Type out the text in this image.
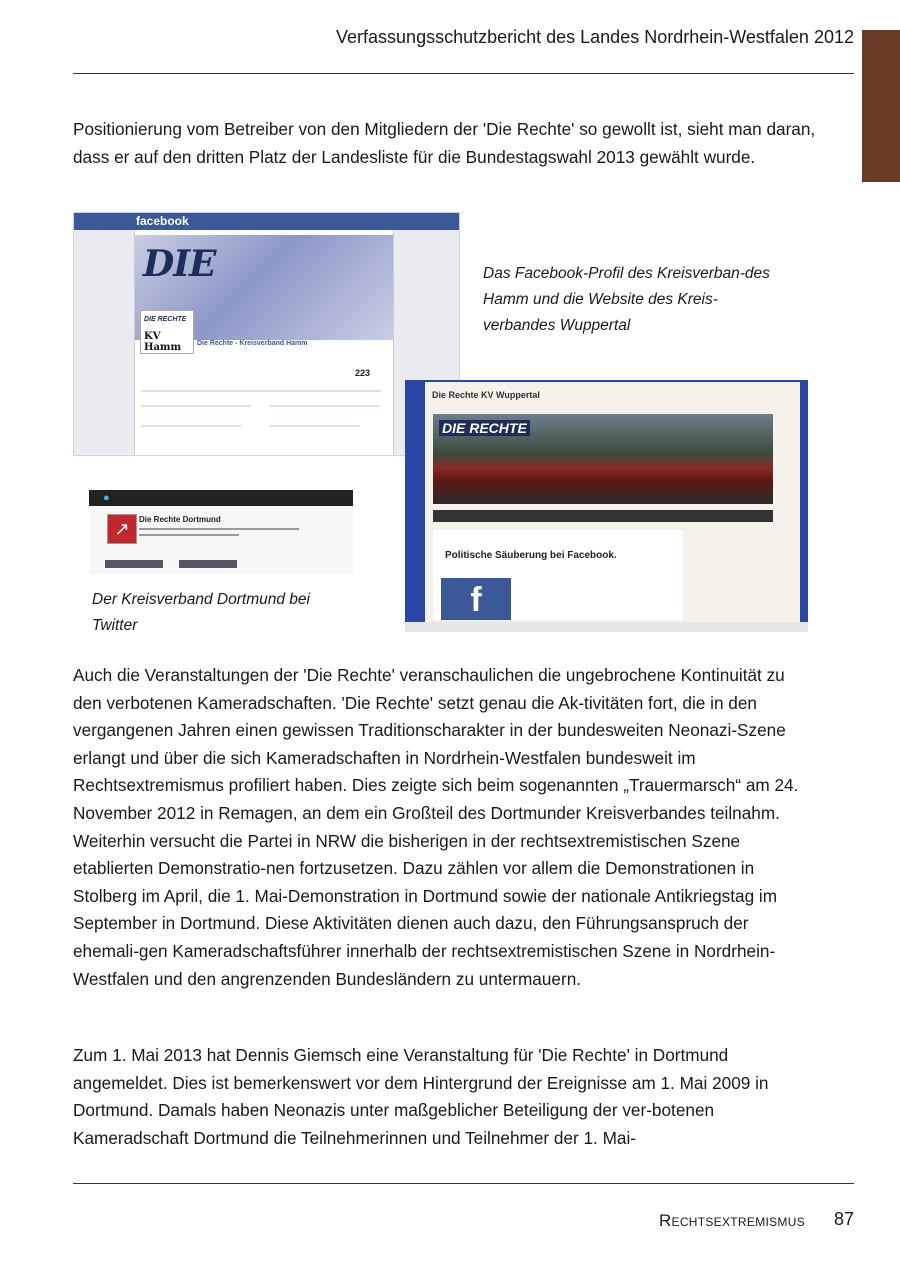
Verfassungsschutzbericht des Landes Nordrhein-Westfalen 2012

Positionierung vom Betreiber von den Mitgliedern der 'Die Rechte' so gewollt ist, sieht man daran, dass er auf den dritten Platz der Landesliste für die Bundestagswahl 2013 gewählt wurde.

facebook
DIE
DIE RECHTE
KV Hamm	Die Rechte - Kreisverband Hamm
223

Das Facebook-Profil des Kreisverban-des Hamm und die Website des Kreis-verbandes Wuppertal

Die Rechte KV Wuppertal
DIE RECHTE
Politische Säuberung bei Facebook.
f
●
↗	Die Rechte Dortmund

Der Kreisverband Dortmund bei Twitter

Auch die Veranstaltungen der 'Die Rechte' veranschaulichen die ungebrochene Kontinuität zu den verbotenen Kameradschaften. 'Die Rechte' setzt genau die Ak-tivitäten fort, die in den vergangenen Jahren einen gewissen Traditionscharakter in der bundesweiten Neonazi-Szene erlangt und über die sich Kameradschaften in Nordrhein-Westfalen bundesweit im Rechtsextremismus profiliert haben. Dies zeigte sich beim sogenannten „Trauermarsch“ am 24. November 2012 in Remagen, an dem ein Großteil des Dortmunder Kreisverbandes teilnahm. Weiterhin versucht die Partei in NRW die bisherigen in der rechtsextremistischen Szene etablierten Demonstratio-nen fortzusetzen. Dazu zählen vor allem die Demonstrationen in Stolberg im April, die 1. Mai-Demonstration in Dortmund sowie der nationale Antikriegstag im September in Dortmund. Diese Aktivitäten dienen auch dazu, den Führungsanspruch der ehemali-gen Kameradschaftsführer innerhalb der rechtsextremistischen Szene in Nordrhein-Westfalen und den angrenzenden Bundesländern zu untermauern.

Zum 1. Mai 2013 hat Dennis Giemsch eine Veranstaltung für 'Die Rechte' in Dortmund angemeldet. Dies ist bemerkenswert vor dem Hintergrund der Ereignisse am 1. Mai 2009 in Dortmund. Damals haben Neonazis unter maßgeblicher Beteiligung der ver-botenen Kameradschaft Dortmund die Teilnehmerinnen und Teilnehmer der 1. Mai-

Rechtsextremismus 87
